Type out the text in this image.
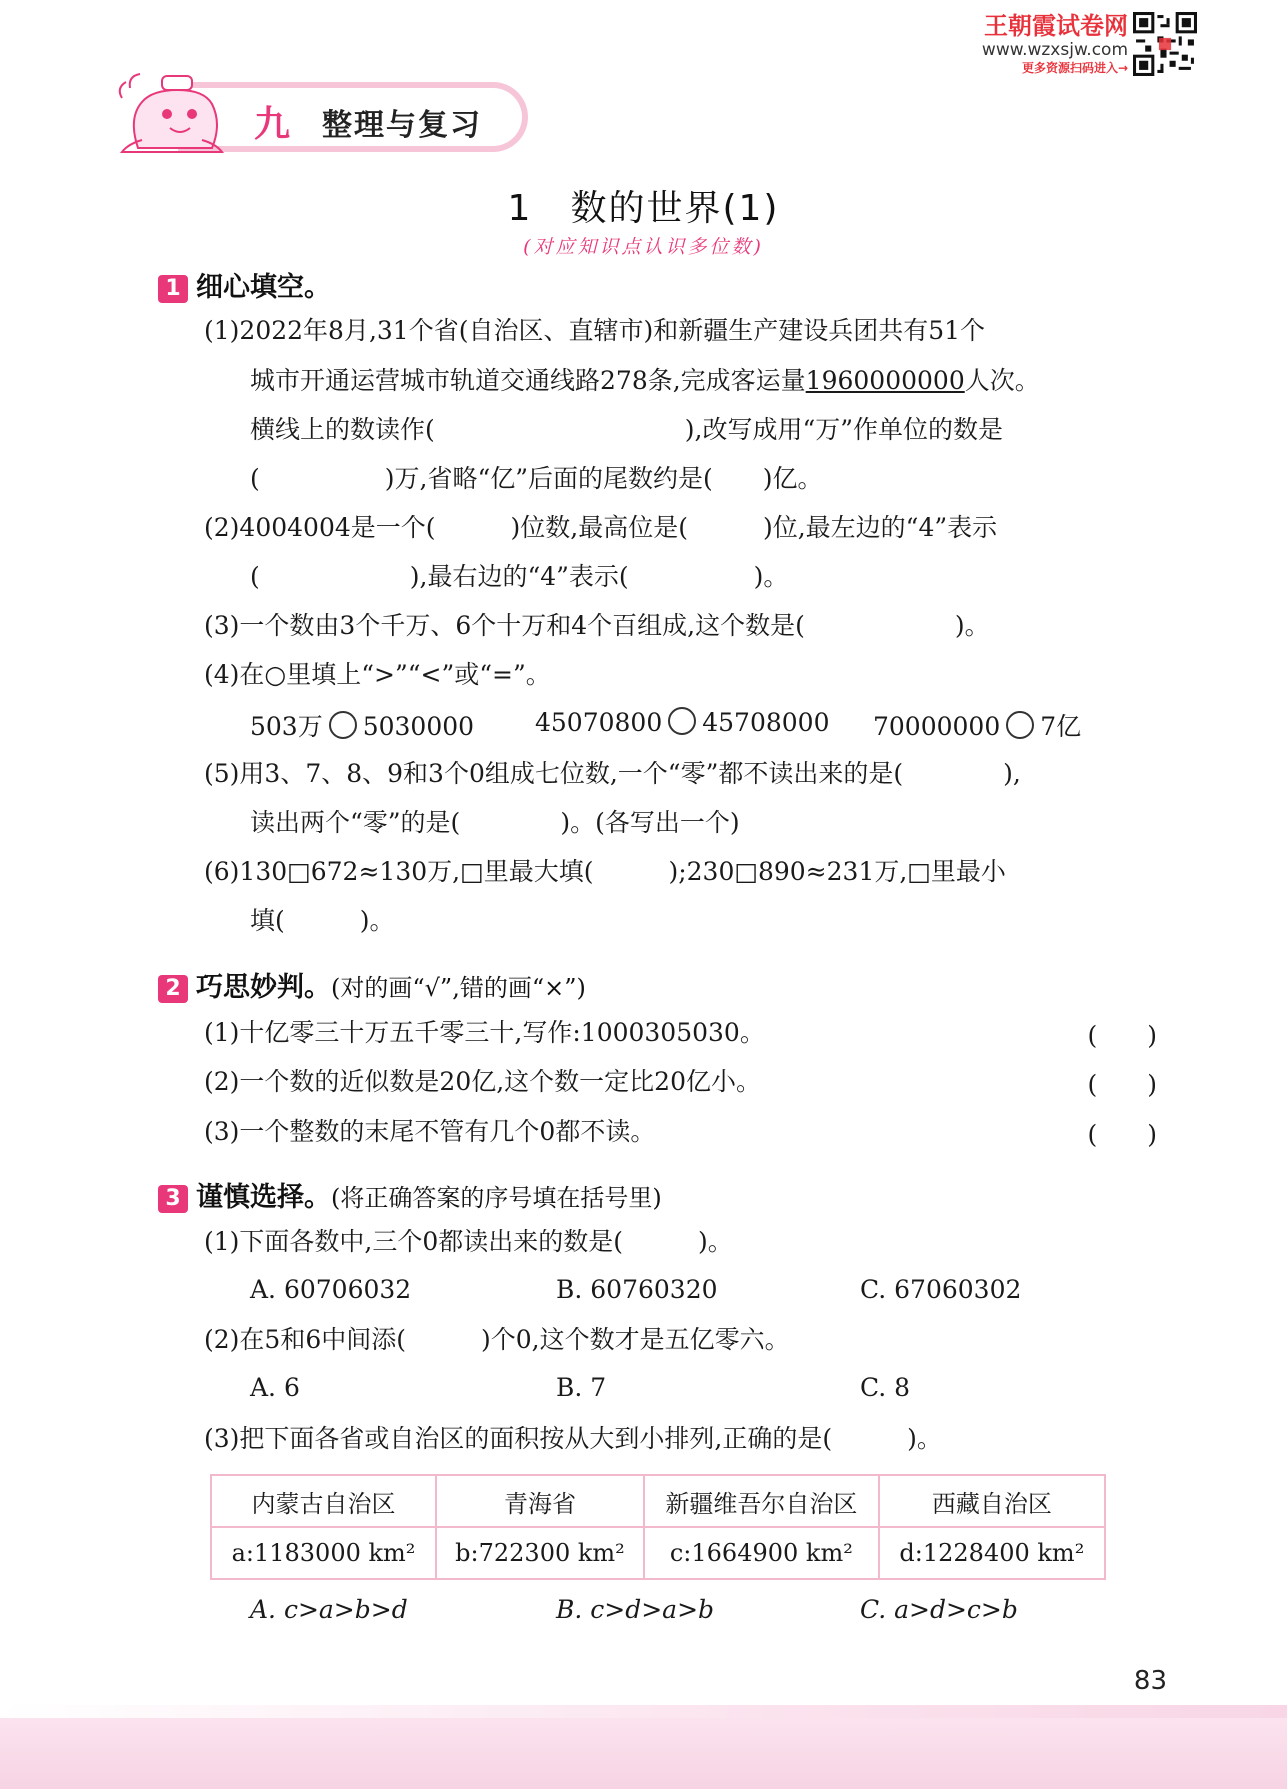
王朝霞试卷网
www.wzxsjw.com
更多资源扫码进入→
九 整理与复习
1　数的世界(1)
(对应知识点认识多位数)
1 细心填空。
(1)2022年8月,31个省(自治区、直辖市)和新疆生产建设兵团共有51个
城市开通运营城市轨道交通线路278条,完成客运量1960000000人次。
横线上的数读作(　　　　　　　　　　),改写成用“万”作单位的数是
(　　　　　)万,省略“亿”后面的尾数约是(　　)亿。
(2)4004004是一个(　　　)位数,最高位是(　　　)位,最左边的“4”表示
(　　　　　　),最右边的“4”表示(　　　　　)。
(3)一个数由3个千万、6个十万和4个百组成,这个数是(　　　　　　)。
(4)在○里填上“>”“<”或“=”。
503万 5030000 45070800 45708000 70000000 7亿
(5)用3、7、8、9和3个0组成七位数,一个“零”都不读出来的是(　　　　),
读出两个“零”的是(　　　　)。(各写出一个)
(6)130□672≈130万,□里最大填(　　　);230□890≈231万,□里最小
填(　　　)。
2 巧思妙判。(对的画“√”,错的画“×”)
(1)十亿零三十万五千零三十,写作:1000305030。	(　　)
(2)一个数的近似数是20亿,这个数一定比20亿小。	(　　)
(3)一个整数的末尾不管有几个0都不读。	(　　)
3 谨慎选择。(将正确答案的序号填在括号里)
(1)下面各数中,三个0都读出来的数是(　　　)。
A. 60706032	B. 60760320	C. 67060302
(2)在5和6中间添(　　　)个0,这个数才是五亿零六。
A. 6	B. 7	C. 8
(3)把下面各省或自治区的面积按从大到小排列,正确的是(　　　)。
内蒙古自治区	青海省	新疆维吾尔自治区	西藏自治区
a:1183000 km²	b:722300 km²	c:1664900 km²	d:1228400 km²
A. c>a>b>d	B. c>d>a>b	C. a>d>c>b
83
